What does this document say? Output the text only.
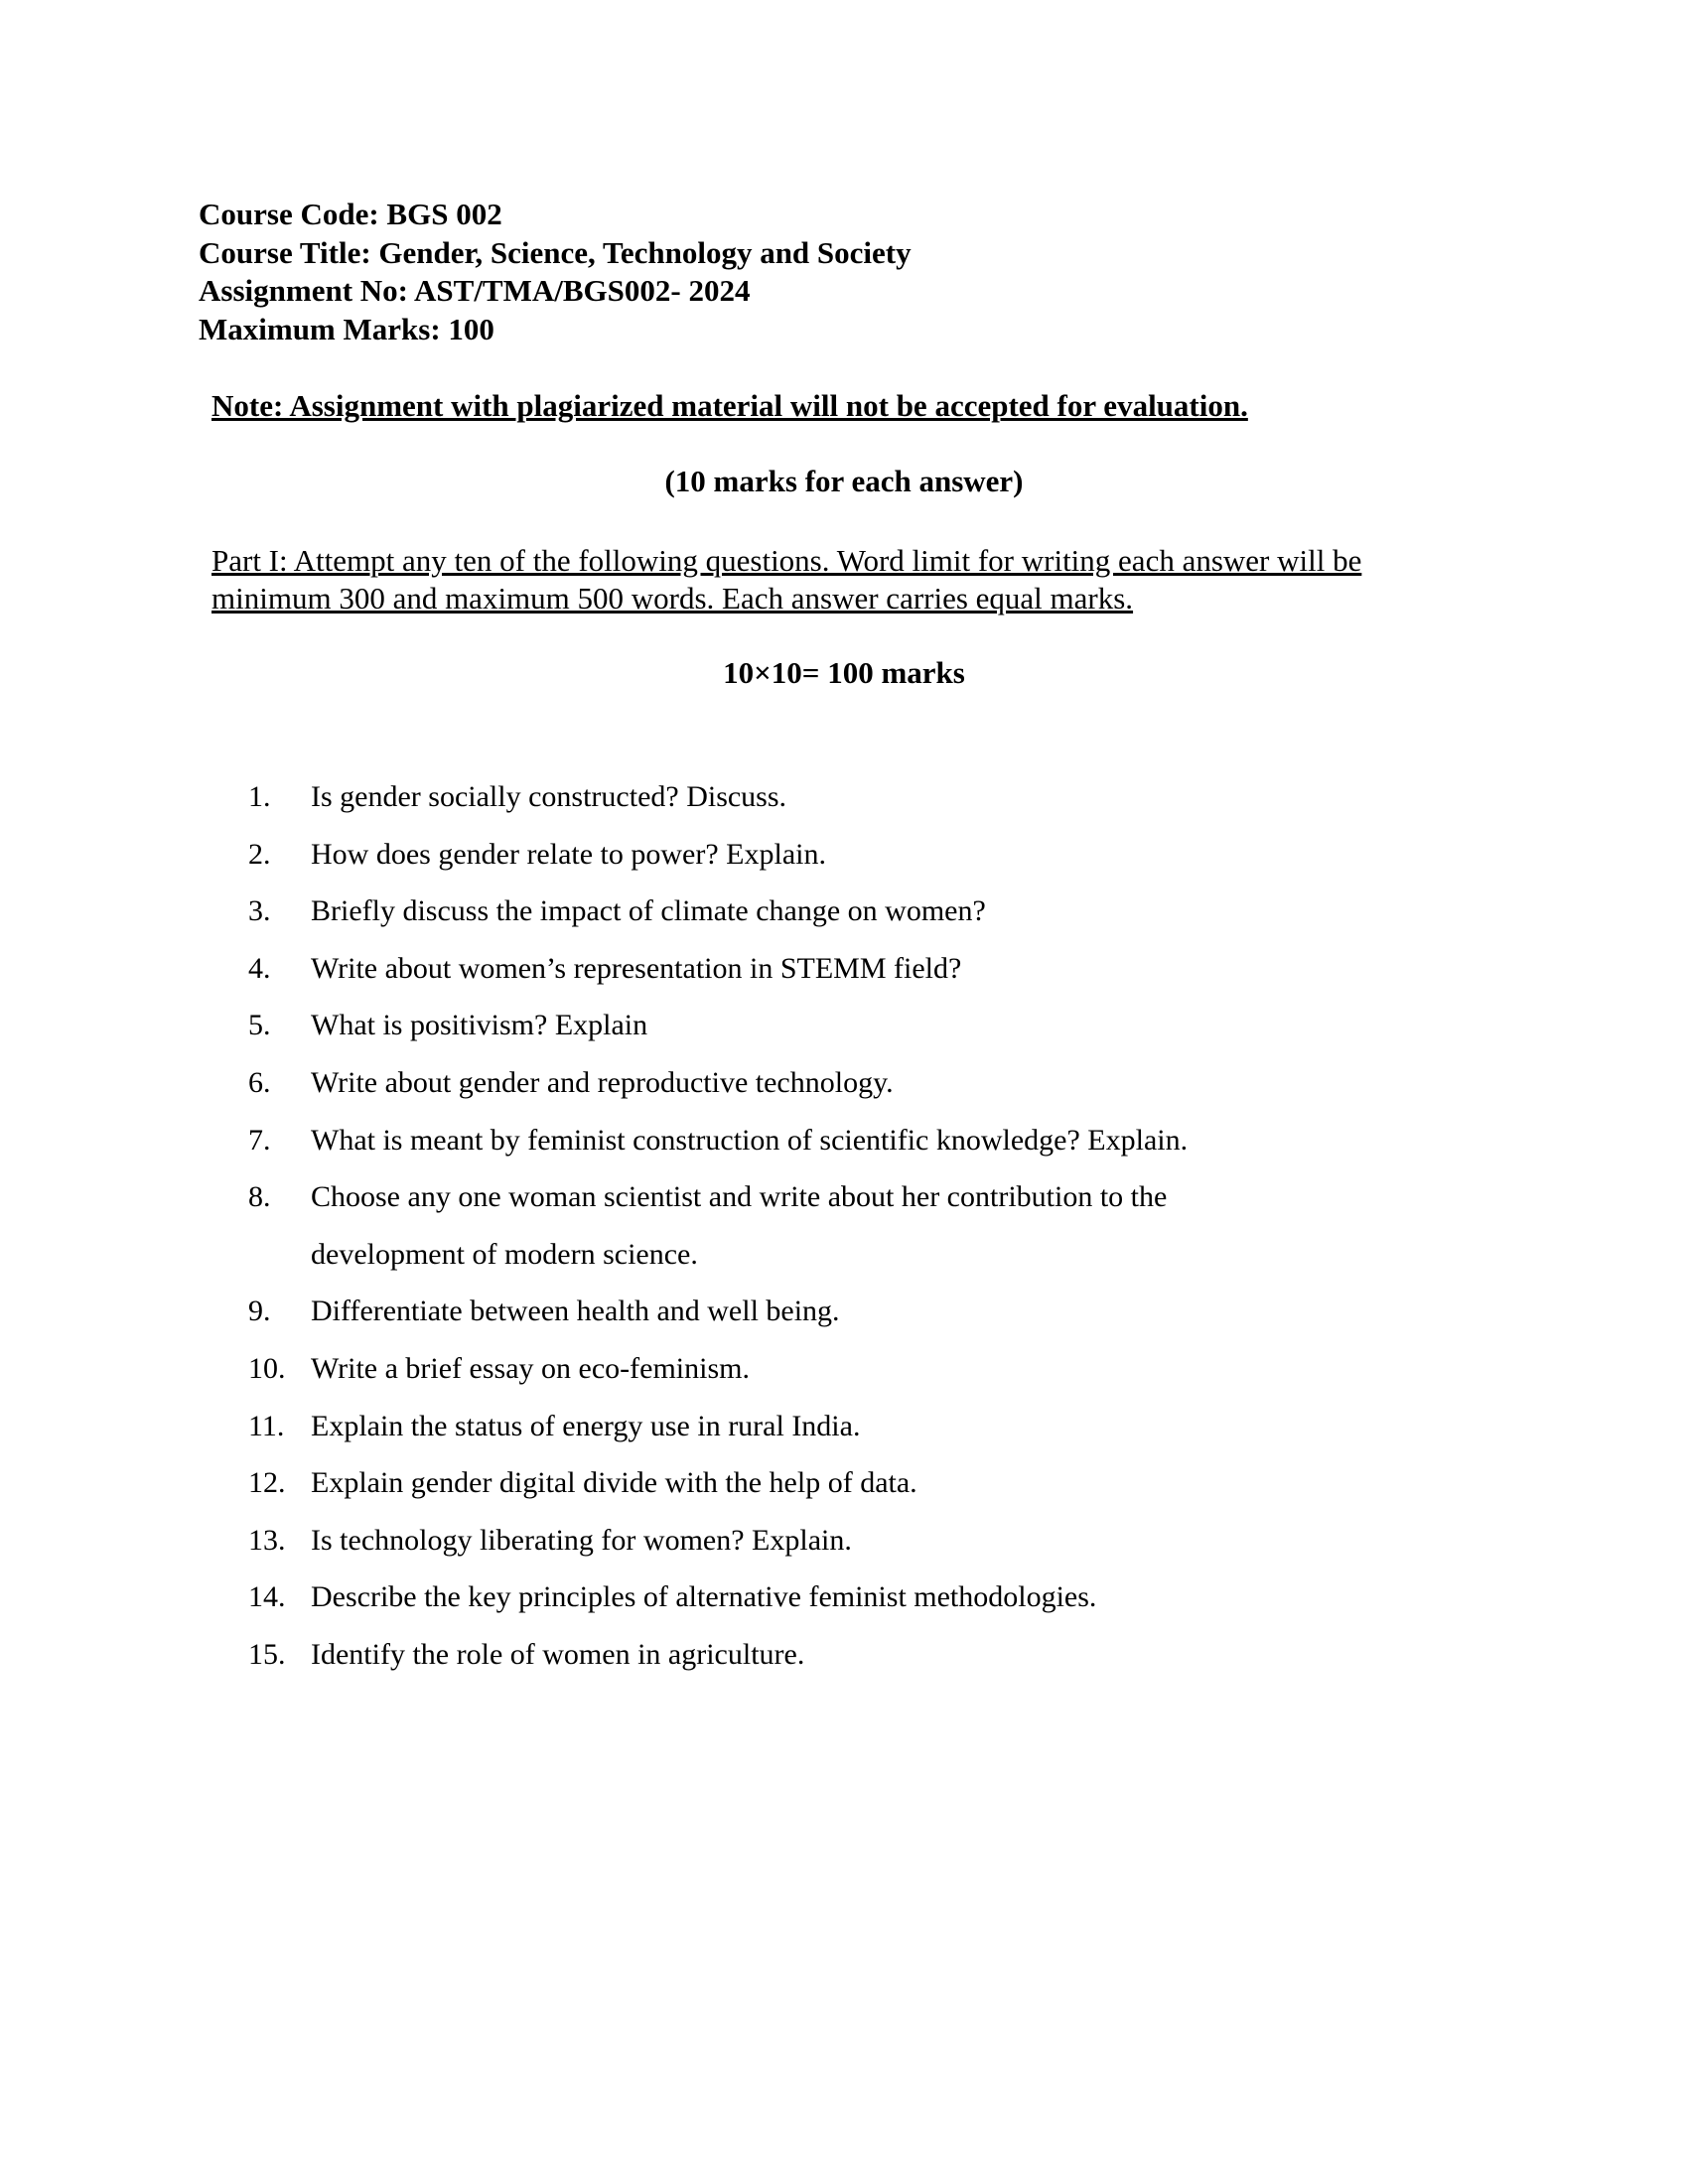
Course Code: BGS 002
Course Title: Gender, Science, Technology and Society
Assignment No: AST/TMA/BGS002- 2024
Maximum Marks: 100
Note: Assignment with plagiarized material will not be accepted for evaluation.
(10 marks for each answer)
Part I: Attempt any ten of the following questions. Word limit for writing each answer will be
minimum 300 and maximum 500 words. Each answer carries equal marks.
10×10= 100 marks
1.	Is gender socially constructed? Discuss.
2.	How does gender relate to power? Explain.
3.	Briefly discuss the impact of climate change on women?
4.	Write about women’s representation in STEMM field?
5.	What is positivism? Explain
6.	Write about gender and reproductive technology.
7.	What is meant by feminist construction of scientific knowledge? Explain.
8.	Choose any one woman scientist and write about her contribution to the
development of modern science.
9.	Differentiate between health and well being.
10. Write a brief essay on eco-feminism.
11. Explain the status of energy use in rural India.
12. Explain gender digital divide with the help of data.
13. Is technology liberating for women? Explain.
14. Describe the key principles of alternative feminist methodologies.
15. Identify the role of women in agriculture.
